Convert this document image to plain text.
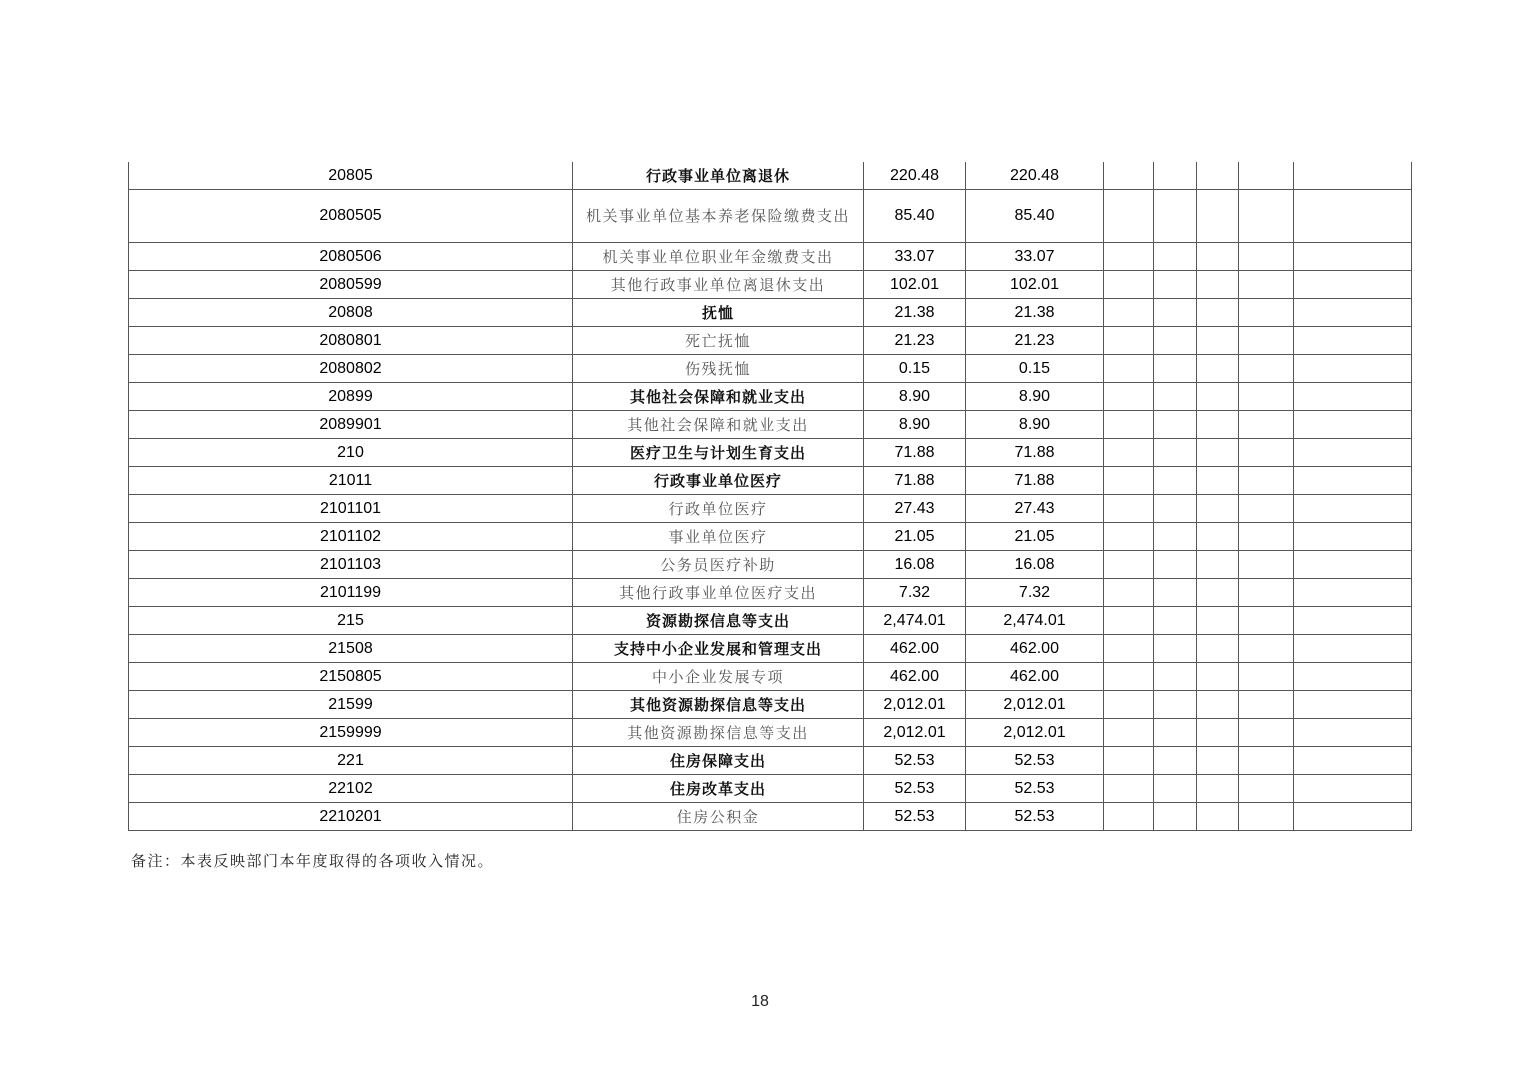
20805	行政事业单位离退休	220.48	220.48					
2080505	机关事业单位基本养老保险缴费支出	85.40	85.40					
2080506	机关事业单位职业年金缴费支出	33.07	33.07					
2080599	其他行政事业单位离退休支出	102.01	102.01					
20808	抚恤	21.38	21.38					
2080801	死亡抚恤	21.23	21.23					
2080802	伤残抚恤	0.15	0.15					
20899	其他社会保障和就业支出	8.90	8.90					
2089901	其他社会保障和就业支出	8.90	8.90					
210	医疗卫生与计划生育支出	71.88	71.88					
21011	行政事业单位医疗	71.88	71.88					
2101101	行政单位医疗	27.43	27.43					
2101102	事业单位医疗	21.05	21.05					
2101103	公务员医疗补助	16.08	16.08					
2101199	其他行政事业单位医疗支出	7.32	7.32					
215	资源勘探信息等支出	2,474.01	2,474.01					
21508	支持中小企业发展和管理支出	462.00	462.00					
2150805	中小企业发展专项	462.00	462.00					
21599	其他资源勘探信息等支出	2,012.01	2,012.01					
2159999	其他资源勘探信息等支出	2,012.01	2,012.01					
221	住房保障支出	52.53	52.53					
22102	住房改革支出	52.53	52.53					
2210201	住房公积金	52.53	52.53					
备注：本表反映部门本年度取得的各项收入情况。
18
